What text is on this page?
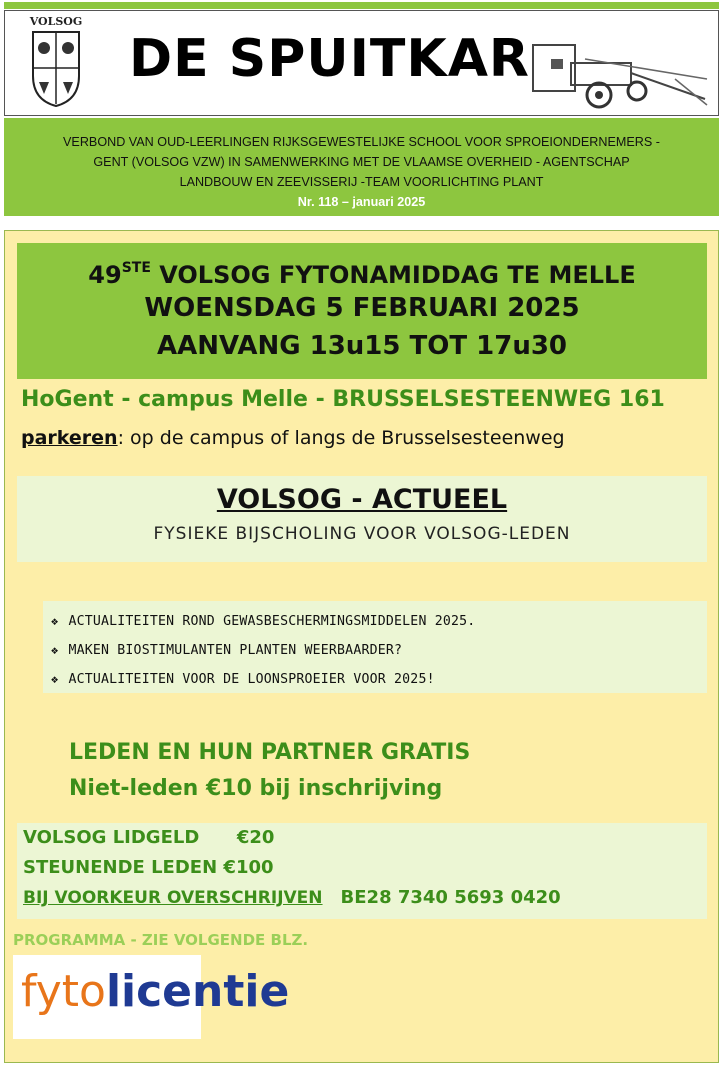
VOLSOG
DE SPUITKAR
VERBOND VAN OUD-LEERLINGEN RIJKSGEWESTELIJKE SCHOOL VOOR SPROEIONDERNEMERS -
GENT (VOLSOG VZW) IN SAMENWERKING MET DE VLAAMSE OVERHEID - AGENTSCHAP
LANDBOUW EN ZEEVISSERIJ -TEAM VOORLICHTING PLANT
Nr. 118 – januari 2025
49STE VOLSOG FYTONAMIDDAG TE MELLE
WOENSDAG 5 FEBRUARI 2025
AANVANG 13u15 TOT 17u30
HoGent - campus Melle - BRUSSELSESTEENWEG 161
parkeren: op de campus of langs de Brusselsesteenweg
VOLSOG - ACTUEEL
FYSIEKE BIJSCHOLING VOOR VOLSOG-LEDEN
❖ ACTUALITEITEN ROND GEWASBESCHERMINGSMIDDELEN 2025.
❖ MAKEN BIOSTIMULANTEN PLANTEN WEERBAARDER?
❖ ACTUALITEITEN VOOR DE LOONSPROEIER VOOR 2025!
LEDEN EN HUN PARTNER GRATIS
Niet-leden €10 bij inschrijving
VOLSOG LIDGELD      €20
STEUNENDE LEDEN €100
BIJ VOORKEUR OVERSCHRIJVEN BE28 7340 5693 0420
PROGRAMMA - ZIE VOLGENDE BLZ.
fytolicentie
